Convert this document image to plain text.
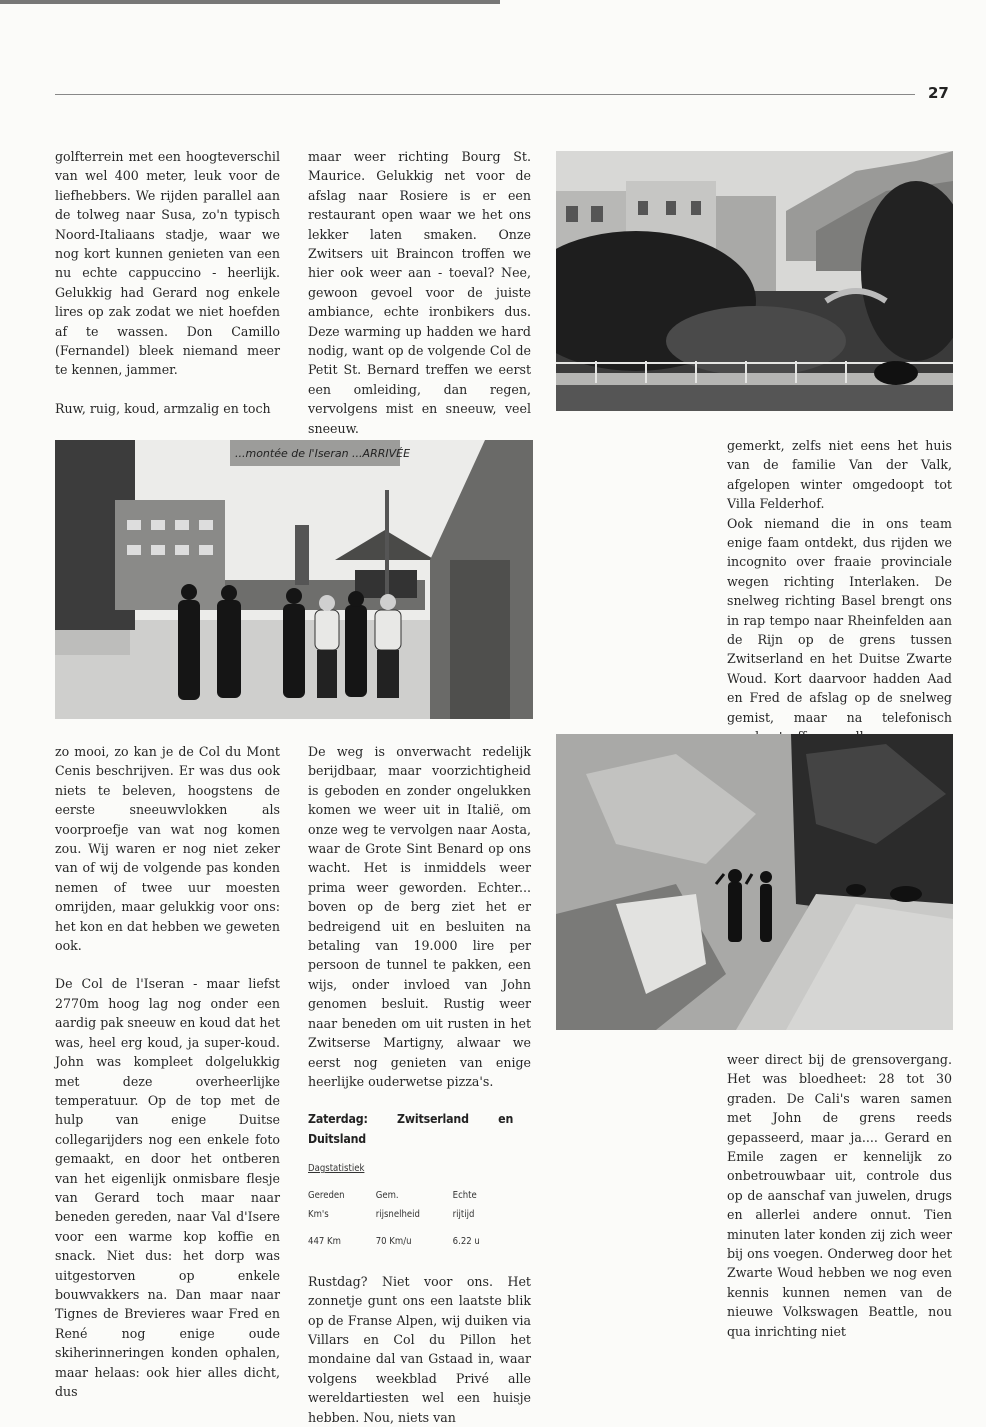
27

golfterrein met een hoogteverschil van wel 400 meter, leuk voor de liefhebbers. We rijden parallel aan de tolweg naar Susa, zo'n typisch Noord-Italiaans stadje, waar we nog kort kunnen genieten van een nu echte cappuccino - heerlijk. Gelukkig had Gerard nog enkele lires op zak zodat we niet hoefden af te wassen. Don Camillo (Fernandel) bleek niemand meer te kennen, jammer.

Ruw, ruig, koud, armzalig en toch

maar weer richting Bourg St. Maurice. Gelukkig net voor de afslag naar Rosiere is er een restaurant open waar we het ons lekker laten smaken. Onze Zwitsers uit Braincon troffen we hier ook weer aan - toeval? Nee, gewoon gevoel voor de juiste ambiance, echte ironbikers dus. Deze warming up hadden we hard nodig, want op de volgende Col de Petit St. Bernard treffen we eerst een omleiding, dan regen, vervolgens mist en sneeuw, veel sneeuw.

...montée de l'Iseran ...ARRIVÉE

gemerkt, zelfs niet eens het huis van de familie Van der Valk, afgelopen winter omgedoopt tot Villa Felderhof.

Ook niemand die in ons team enige faam ontdekt, dus rijden we incognito over fraaie provinciale wegen richting Interlaken. De snelweg richting Basel brengt ons in rap tempo naar Rheinfelden aan de Rijn op de grens tussen Zwitserland en het Duitse Zwarte Woud. Kort daarvoor hadden Aad en Fred de afslag op de snelweg gemist, maar na telefonisch

zo mooi, zo kan je de Col du Mont Cenis beschrijven. Er was dus ook niets te beleven, hoogstens de eerste sneeuwvlokken als voorproefje van wat nog komen zou. Wij waren er nog niet zeker van of wij de volgende pas konden nemen of twee uur moesten omrijden, maar gelukkig voor ons: het kon en dat hebben we geweten ook.

De Col de l'Iseran - maar liefst 2770m hoog lag nog onder een aardig pak sneeuw en koud dat het was, heel erg koud, ja super-koud. John was kompleet dolgelukkig met deze overheerlijke temperatuur. Op de top met de hulp van enige Duitse collegarijders nog een enkele foto gemaakt, en door het ontberen van het eigenlijk onmisbare flesje van Gerard toch maar naar beneden gereden, naar Val d'Isere voor een warme kop koffie en snack. Niet dus: het dorp was uitgestorven op enkele bouwvakkers na. Dan maar naar Tignes de Brevieres waar Fred en René nog enige oude skiherinneringen konden ophalen, maar helaas: ook hier alles dicht, dus

De weg is onverwacht redelijk berijdbaar, maar voorzichtigheid is geboden en zonder ongelukken komen we weer uit in Italië, om onze weg te vervolgen naar Aosta, waar de Grote Sint Benard op ons wacht. Het is inmiddels weer prima weer geworden. Echter... boven op de berg ziet het er bedreigend uit en besluiten na betaling van 19.000 lire per persoon de tunnel te pakken, een wijs, onder invloed van John genomen besluit. Rustig weer naar beneden om uit rusten in het Zwitserse Martigny, alwaar we eerst nog genieten van enige heerlijke ouderwetse pizza's.

Zaterdag: Zwitserland en Duitsland
Dagstatistiek
Gereden Km's	Gem. rijsnelheid	Echte rijtijd
447 Km	70 Km/u	6.22 u

Rustdag? Niet voor ons. Het zonnetje gunt ons een laatste blik op de Franse Alpen, wij duiken via Villars en Col du Pillon het mondaine dal van Gstaad in, waar volgens weekblad Privé alle wereldartiesten wel een huisje hebben. Nou, niets van

weer direct bij de grensovergang. Het was bloedheet: 28 tot 30 graden. De Cali's waren samen met John de grens reeds gepasseerd, maar ja.... Gerard en Emile zagen er kennelijk zo onbetrouwbaar uit, controle dus op de aanschaf van juwelen, drugs en allerlei andere onnut. Tien minuten later konden zij zich weer bij ons voegen. Onderweg door het Zwarte Woud hebben we nog even kennis kunnen nemen van de nieuwe Volkswagen Beattle, nou qua inrichting niet
